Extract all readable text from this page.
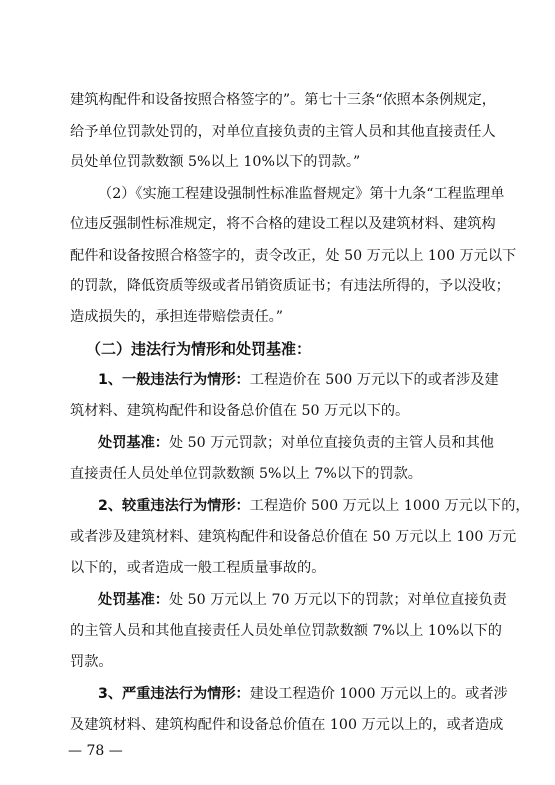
建筑构配件和设备按照合格签字的”。第七十三条“依照本条例规定，
给予单位罚款处罚的，对单位直接负责的主管人员和其他直接责任人
员处单位罚款数额 5%以上 10%以下的罚款。”
（2）《实施工程建设强制性标准监督规定》第十九条“工程监理单
位违反强制性标准规定，将不合格的建设工程以及建筑材料、建筑构
配件和设备按照合格签字的，责令改正，处 50 万元以上 100 万元以下
的罚款，降低资质等级或者吊销资质证书；有违法所得的，予以没收；
造成损失的，承担连带赔偿责任。”
（二）违法行为情形和处罚基准：
1、一般违法行为情形：工程造价在 500 万元以下的或者涉及建
筑材料、建筑构配件和设备总价值在 50 万元以下的。
处罚基准：处 50 万元罚款；对单位直接负责的主管人员和其他
直接责任人员处单位罚款数额 5%以上 7%以下的罚款。
2、较重违法行为情形：工程造价 500 万元以上 1000 万元以下的，
或者涉及建筑材料、建筑构配件和设备总价值在 50 万元以上 100 万元
以下的，或者造成一般工程质量事故的。
处罚基准：处 50 万元以上 70 万元以下的罚款；对单位直接负责
的主管人员和其他直接责任人员处单位罚款数额 7%以上 10%以下的
罚款。
3、严重违法行为情形：建设工程造价 1000 万元以上的。或者涉
及建筑材料、建筑构配件和设备总价值在 100 万元以上的，或者造成
— 78 —
